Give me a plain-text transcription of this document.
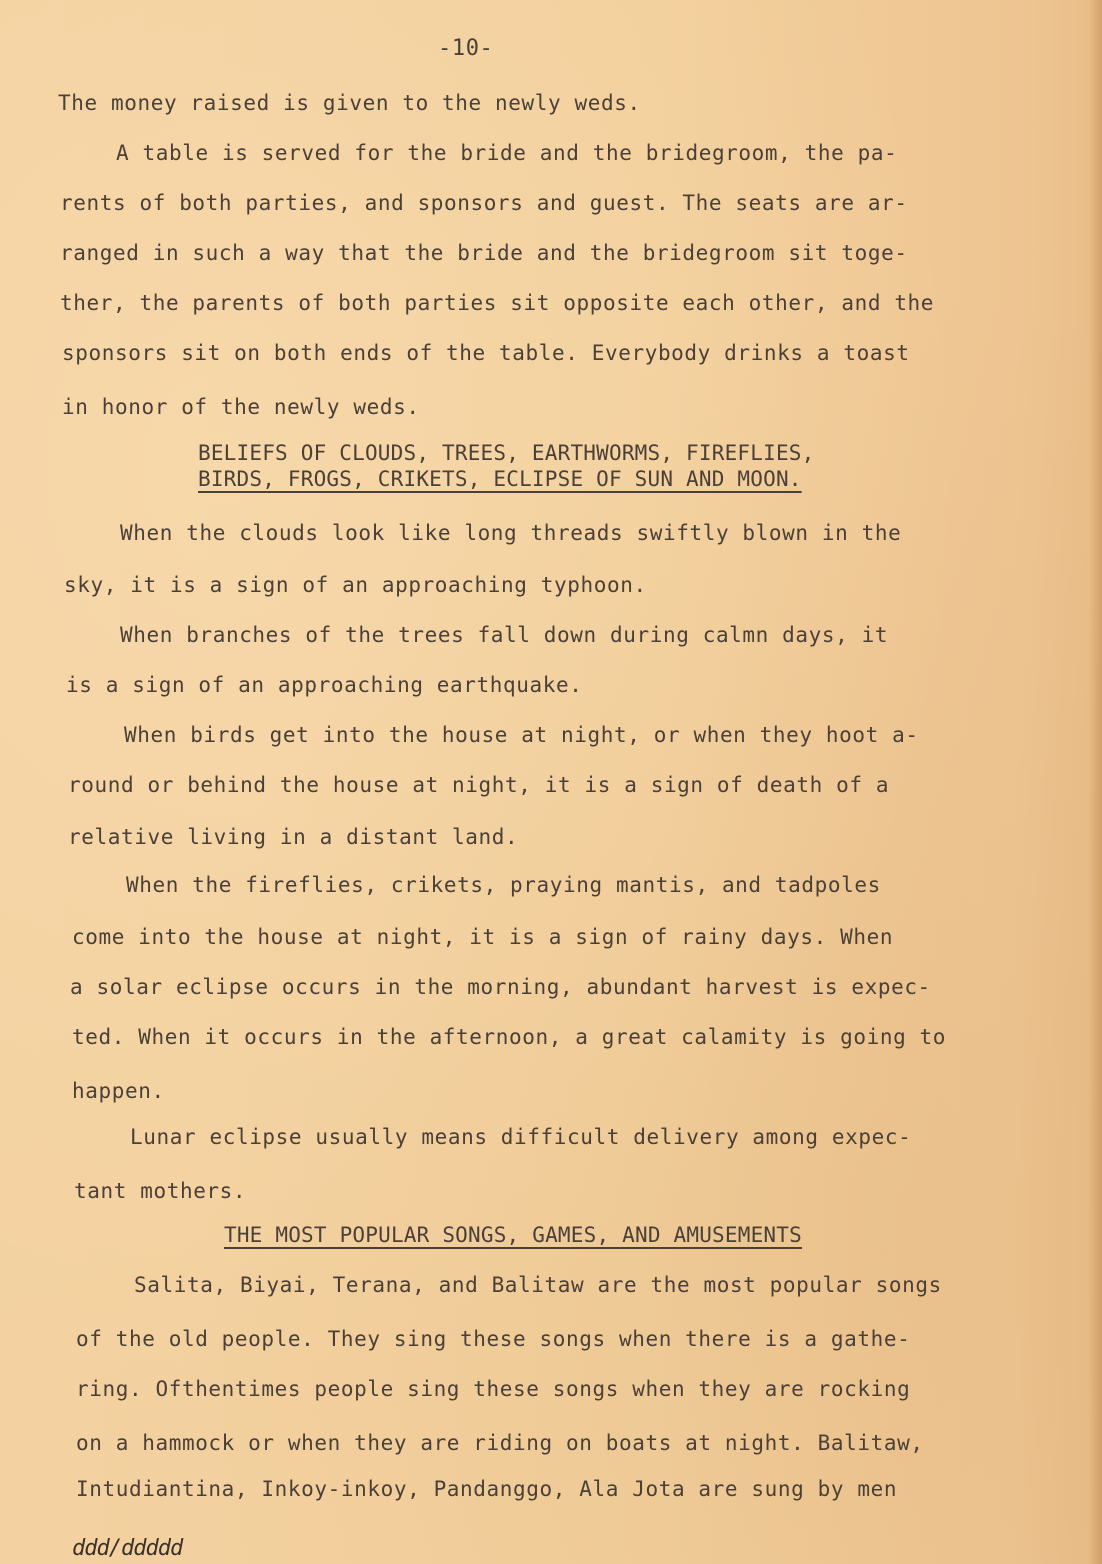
-10-
The money raised is given to the newly weds.
A table is served for the bride and the bridegroom, the pa-
rents of both parties, and sponsors and guest. The seats are ar-
ranged in such a way that the bride and the bridegroom sit toge-
ther, the parents of both parties sit opposite each other, and the
sponsors sit on both ends of the table. Everybody drinks a toast
in honor of the newly weds.
BELIEFS OF CLOUDS, TREES, EARTHWORMS, FIREFLIES,
BIRDS, FROGS, CRIKETS, ECLIPSE OF SUN AND MOON.
When the clouds look like long threads swiftly blown in the
sky, it is a sign of an approaching typhoon.
When branches of the trees fall down during calmn days, it
is a sign of an approaching earthquake.
When birds get into the house at night, or when they hoot a-
round or behind the house at night, it is a sign of death of a
relative living in a distant land.
When the fireflies, crikets, praying mantis, and tadpoles
come into the house at night, it is a sign of rainy days. When
a solar eclipse occurs in the morning, abundant harvest is expec-
ted. When it occurs in the afternoon, a great calamity is going to
happen.
Lunar eclipse usually means difficult delivery among expec-
tant mothers.
THE MOST POPULAR SONGS, GAMES, AND AMUSEMENTS
Salita, Biyai, Terana, and Balitaw are the most popular songs
of the old people. They sing these songs when there is a gathe-
ring. Ofthentimes people sing these songs when they are rocking
on a hammock or when they are riding on boats at night. Balitaw,
Intudiantina, Inkoy-inkoy, Pandanggo, Ala Jota are sung by men
ddd/ddddd
